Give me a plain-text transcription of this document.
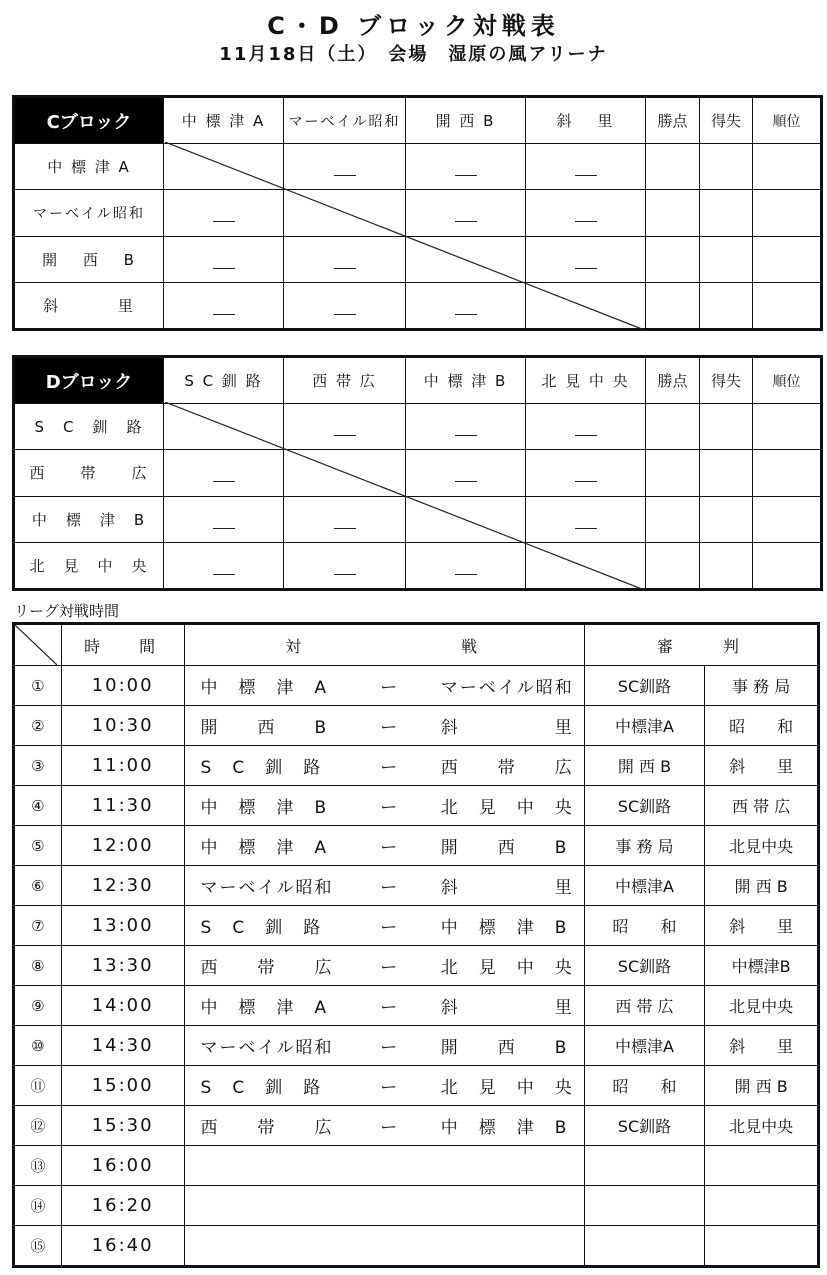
C・D ブロック対戦表
11月18日（土）　会場　湿原の風アリーナ
Cブロック	中 標 津 A	マーベイル昭和	開 西 B	斜　 里	勝点	得失	順位
中 標 津 A		

マーベイル昭和	

開　 西　 B	

斜　　　 里	

Dブロック	S C 釧 路	西 帯 広	中 標 津 B	北 見 中 央	勝点	得失	順位
S　C　釧　路		

西　　帯　　広	

中　標　津　B	

北　見　中　央	

リーグ対戦時間
	時　 間	対　　　　　　　戦			審　　判	
①	10:00	中　標　津　A	ー	マーベイル昭和	SC釧路	事 務 局
②	10:30	開　　西　　B	ー	斜　　　　　里	中標津A	昭　　和
③	11:00	S　C　釧　路	ー	西　　帯　　広	開 西 B	斜　　里
④	11:30	中　標　津　B	ー	北　見　中　央	SC釧路	西 帯 広
⑤	12:00	中　標　津　A	ー	開　　西　　B	事 務 局	北見中央
⑥	12:30	マーベイル昭和	ー	斜　　　　　里	中標津A	開 西 B
⑦	13:00	S　C　釧　路	ー	中　標　津　B	昭　　和	斜　　里
⑧	13:30	西　　帯　　広	ー	北　見　中　央	SC釧路	中標津B
⑨	14:00	中　標　津　A	ー	斜　　　　　里	西 帯 広	北見中央
⑩	14:30	マーベイル昭和	ー	開　　西　　B	中標津A	斜　　里
⑪	15:00	S　C　釧　路	ー	北　見　中　央	昭　　和	開 西 B
⑫	15:30	西　　帯　　広	ー	中　標　津　B	SC釧路	北見中央
⑬	16:00					
⑭	16:20					
⑮	16:40					
